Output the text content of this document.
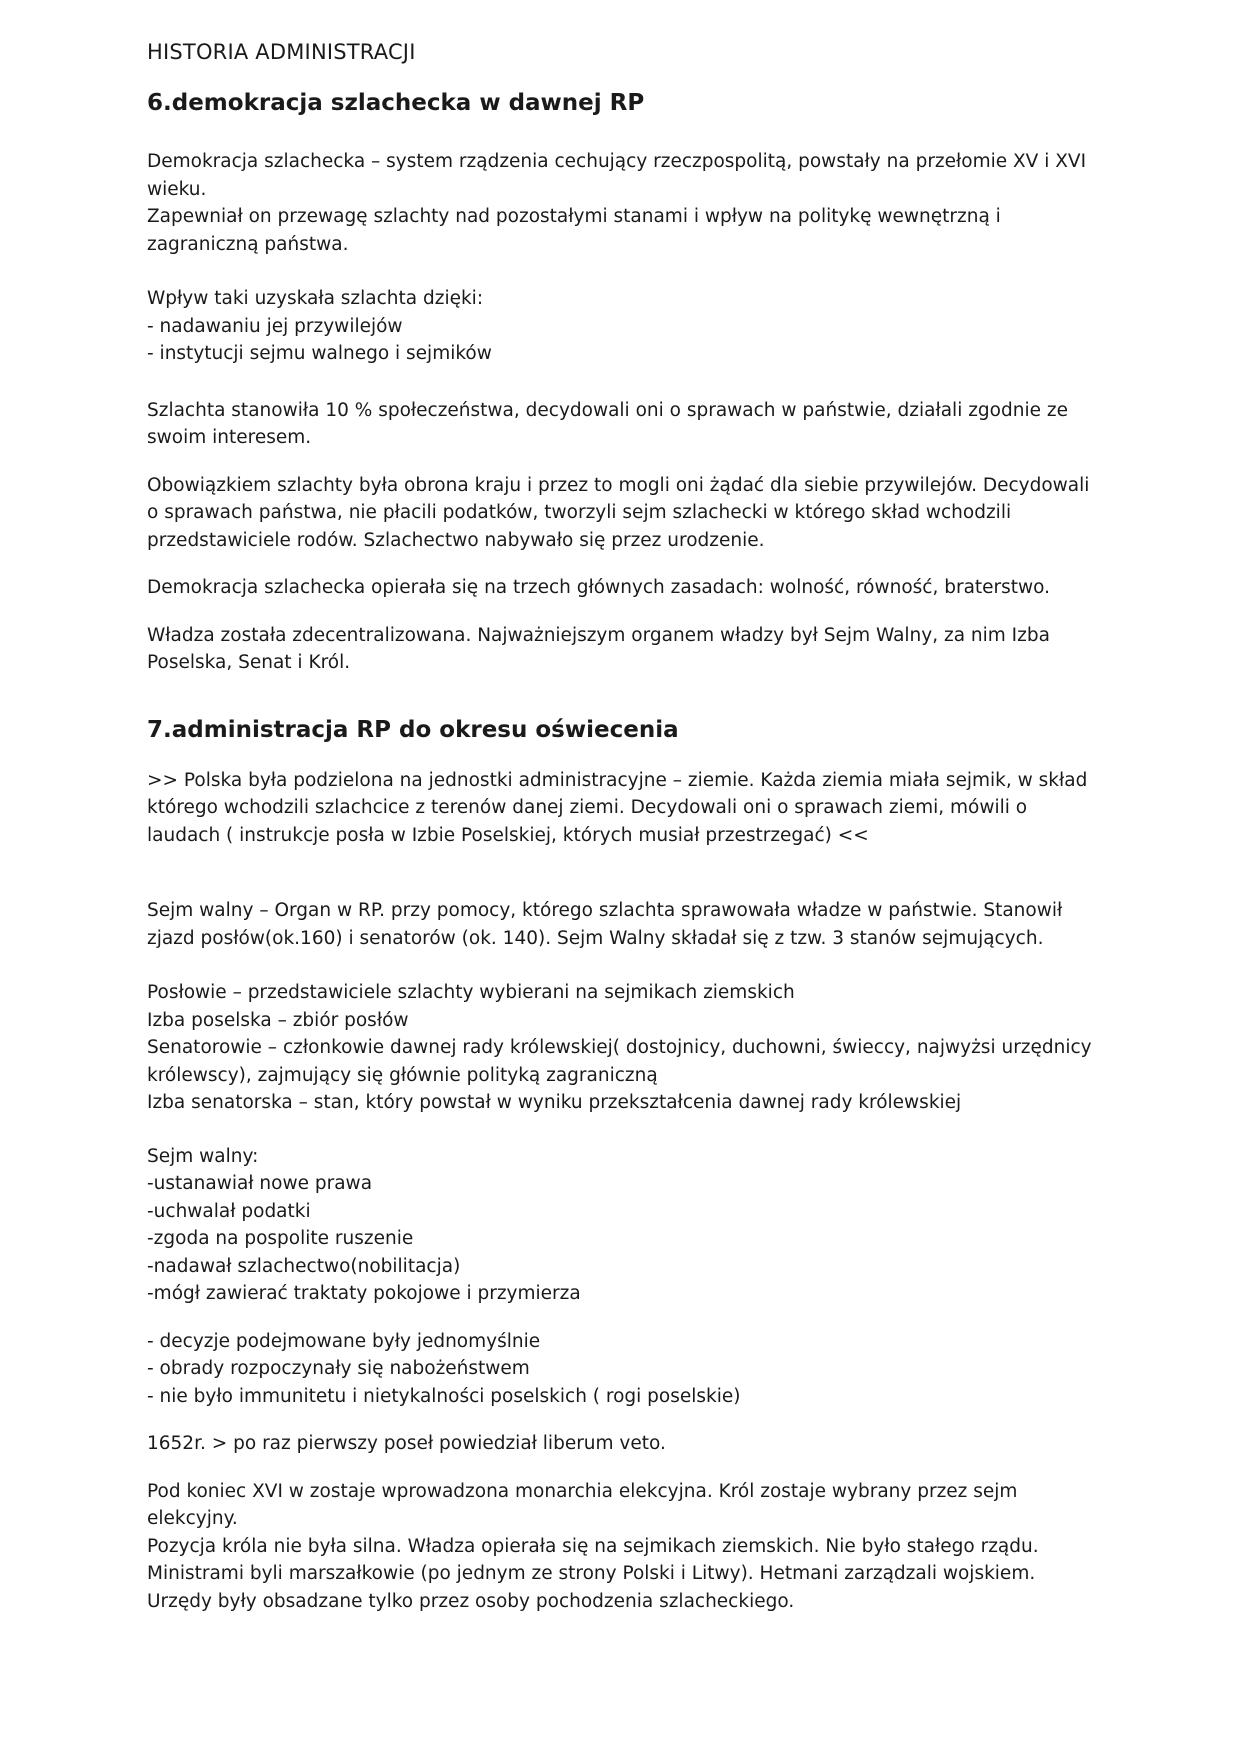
HISTORIA ADMINISTRACJI
6.demokracja szlachecka w dawnej RP

Demokracja szlachecka – system rządzenia cechujący rzeczpospolitą, powstały na przełomie XV i XVI wieku.
Zapewniał on przewagę szlachty nad pozostałymi stanami i wpływ na politykę wewnętrzną i zagraniczną państwa.

Wpływ taki uzyskała szlachta dzięki:
- nadawaniu jej przywilejów
- instytucji sejmu walnego i sejmików

Szlachta stanowiła 10 % społeczeństwa, decydowali oni o sprawach w państwie, działali zgodnie ze swoim interesem.

Obowiązkiem szlachty była obrona kraju i przez to mogli oni żądać dla siebie przywilejów. Decydowali o sprawach państwa, nie płacili podatków, tworzyli sejm szlachecki w którego skład wchodzili przedstawiciele rodów. Szlachectwo nabywało się przez urodzenie.

Demokracja szlachecka opierała się na trzech głównych zasadach: wolność, równość, braterstwo.

Władza została zdecentralizowana. Najważniejszym organem władzy był Sejm Walny, za nim Izba Poselska, Senat i Król.

7.administracja RP do okresu oświecenia

>> Polska była podzielona na jednostki administracyjne – ziemie. Każda ziemia miała sejmik, w skład którego wchodzili szlachcice z terenów danej ziemi. Decydowali oni o sprawach ziemi, mówili o laudach ( instrukcje posła w Izbie Poselskiej, których musiał przestrzegać) <<

Sejm walny – Organ w RP. przy pomocy, którego szlachta sprawowała władze w państwie. Stanowił zjazd posłów(ok.160) i senatorów (ok. 140). Sejm Walny składał się z tzw. 3 stanów sejmujących.

Posłowie – przedstawiciele szlachty wybierani na sejmikach ziemskich
Izba poselska – zbiór posłów
Senatorowie – członkowie dawnej rady królewskiej( dostojnicy, duchowni, świeccy, najwyżsi urzędnicy królewscy), zajmujący się głównie polityką zagraniczną
Izba senatorska – stan, który powstał w wyniku przekształcenia dawnej rady królewskiej

Sejm walny:
-ustanawiał nowe prawa
-uchwalał podatki
-zgoda na pospolite ruszenie
-nadawał szlachectwo(nobilitacja)
-mógł zawierać traktaty pokojowe i przymierza

- decyzje podejmowane były jednomyślnie
- obrady rozpoczynały się nabożeństwem
- nie było immunitetu i nietykalności poselskich ( rogi poselskie)

1652r. > po raz pierwszy poseł powiedział liberum veto.

Pod koniec XVI w zostaje wprowadzona monarchia elekcyjna. Król zostaje wybrany przez sejm elekcyjny.
Pozycja króla nie była silna. Władza opierała się na sejmikach ziemskich. Nie było stałego rządu. Ministrami byli marszałkowie (po jednym ze strony Polski i Litwy). Hetmani zarządzali wojskiem. Urzędy były obsadzane tylko przez osoby pochodzenia szlacheckiego.
